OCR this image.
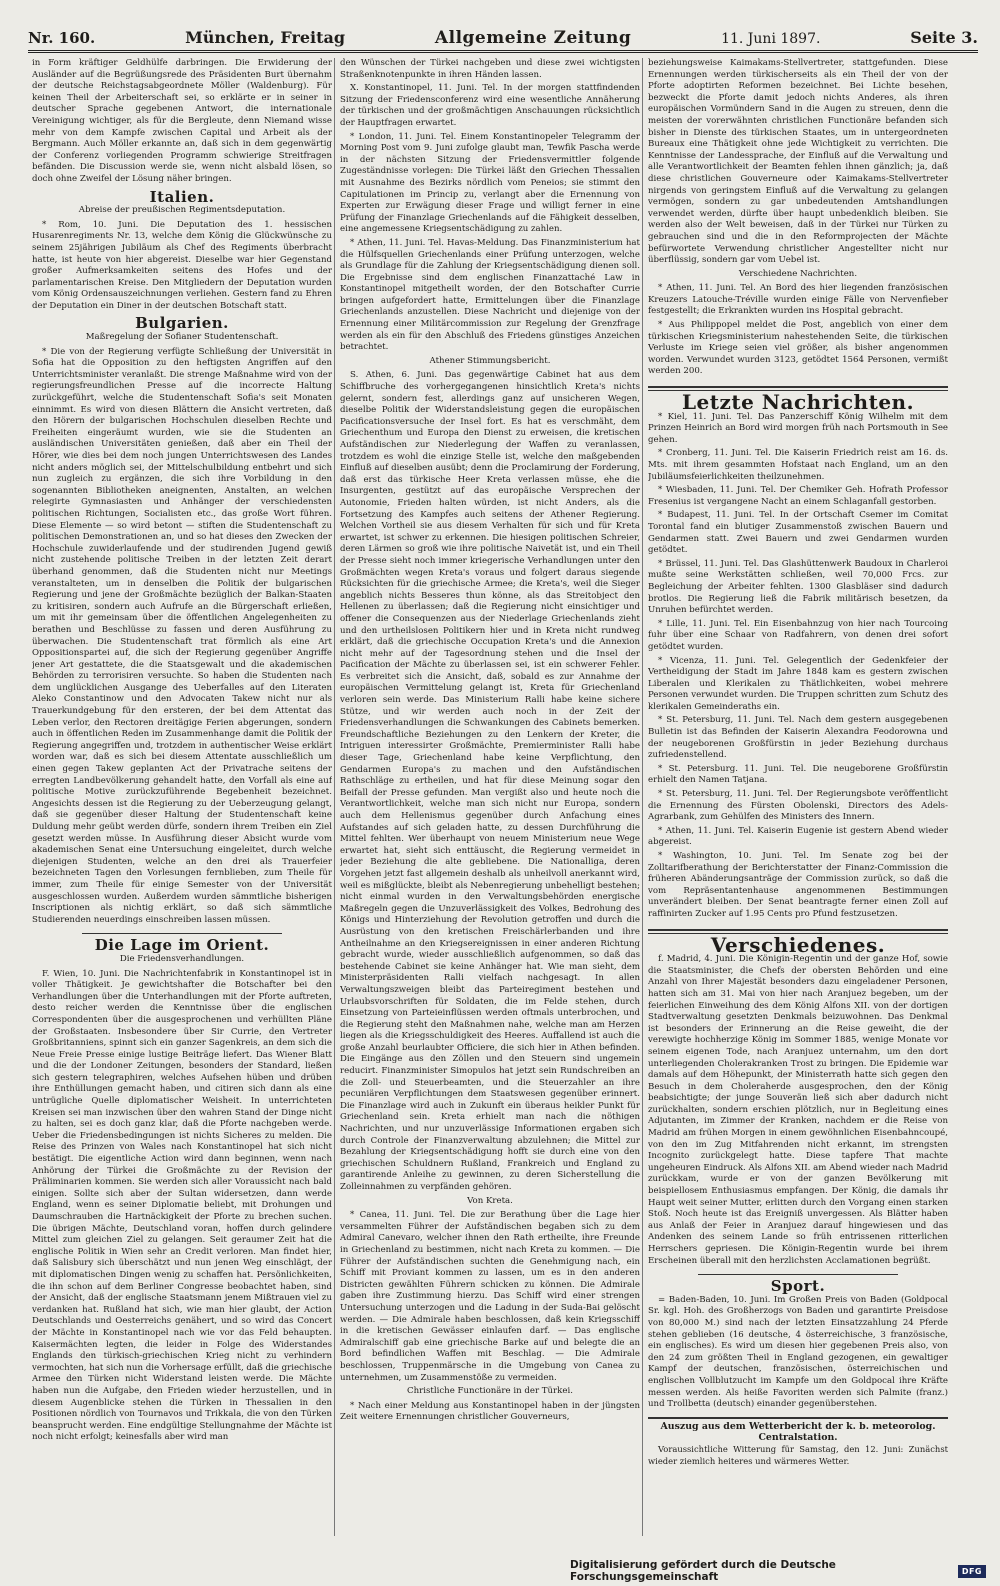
Nr. 160.	München, Freitag	Allgemeine Zeitung	11. Juni 1897.	Seite 3.

in Form kräftiger Geldhülfe darbringen. Die Erwiderung der Ausländer auf die Begrüßungsrede des Präsidenten Burt übernahm der deutsche Reichstagsabgeordnete Möller (Waldenburg). Für keinen Theil der Arbeiterschaft sei, so erklärte er in seiner in deutscher Sprache gegebenen Antwort, die internationale Vereinigung wichtiger, als für die Bergleute, denn Niemand wisse mehr von dem Kampfe zwischen Capital und Arbeit als der Bergmann. Auch Möller erkannte an, daß sich in dem gegenwärtig der Conferenz vorliegenden Programm schwierige Streitfragen befänden. Die Discussion werde sie, wenn nicht alsbald lösen, so doch ohne Zweifel der Lösung näher bringen.

Italien.
Abreise der preußischen Regimentsdeputation.

* Rom, 10. Juni. Die Deputation des 1. hessischen Husarenregiments Nr. 13, welche dem König die Glückwünsche zu seinem 25jährigen Jubiläum als Chef des Regiments überbracht hatte, ist heute von hier abgereist. Dieselbe war hier Gegenstand großer Aufmerksamkeiten seitens des Hofes und der parlamentarischen Kreise. Den Mitgliedern der Deputation wurden vom König Ordensauszeichnungen verliehen. Gestern fand zu Ehren der Deputation ein Diner in der deutschen Botschaft statt.

Bulgarien.
Maßregelung der Sofianer Studentenschaft.

* Die von der Regierung verfügte Schließung der Universität in Sofia hat die Opposition zu den heftigsten Angriffen auf den Unterrichtsminister veranlaßt. Die strenge Maßnahme wird von der regierungsfreundlichen Presse auf die incorrecte Haltung zurückgeführt, welche die Studentenschaft Sofia's seit Monaten einnimmt. Es wird von diesen Blättern die Ansicht vertreten, daß den Hörern der bulgarischen Hochschulen dieselben Rechte und Freiheiten eingeräumt wurden, wie sie die Studenten an ausländischen Universitäten genießen, daß aber ein Theil der Hörer, wie dies bei dem noch jungen Unterrichtswesen des Landes nicht anders möglich sei, der Mittelschulbildung entbehrt und sich nun zugleich zu ergänzen, die sich ihre Vorbildung in den sogenannten Bibliotheken aneignenten, Anstalten, an welchen relegirte Gymnasiasten und Anhänger der verschiedensten politischen Richtungen, Socialisten etc., das große Wort führen. Diese Elemente — so wird betont — stiften die Studentenschaft zu politischen Demonstrationen an, und so hat dieses den Zwecken der Hochschule zuwiderlaufende und der studirenden Jugend gewiß nicht zustehende politische Treiben in der letzten Zeit derart überhand genommen, daß die Studenten nicht nur Meetings veranstalteten, um in denselben die Politik der bulgarischen Regierung und jene der Großmächte bezüglich der Balkan-Staaten zu kritisiren, sondern auch Aufrufe an die Bürgerschaft erließen, um mit ihr gemeinsam über die öffentlichen Angelegenheiten zu berathen und Beschlüsse zu fassen und deren Ausführung zu überwachen. Die Studentenschaft trat förmlich als eine Art Oppositionspartei auf, die sich der Regierung gegenüber Angriffe jener Art gestattete, die die Staatsgewalt und die akademischen Behörden zu terrorisiren versuchte. So haben die Studenten nach dem unglücklichen Ausgange des Ueberfalles auf den Literaten Aleko Constantinow und den Advocaten Takew nicht nur als Trauerkundgebung für den ersteren, der bei dem Attentat das Leben verlor, den Rectoren dreitägige Ferien abgerungen, sondern auch in öffentlichen Reden im Zusammenhange damit die Politik der Regierung angegriffen und, trotzdem in authentischer Weise erklärt worden war, daß es sich bei diesem Attentate ausschließlich um einen gegen Takew geplanten Act der Privatrache seitens der erregten Landbevölkerung gehandelt hatte, den Vorfall als eine auf politische Motive zurückzuführende Begebenheit bezeichnet. Angesichts dessen ist die Regierung zu der Ueberzeugung gelangt, daß sie gegenüber dieser Haltung der Studentenschaft keine Duldung mehr geübt werden dürfe, sondern ihrem Treiben ein Ziel gesetzt werden müsse. In Ausführung dieser Absicht wurde vom akademischen Senat eine Untersuchung eingeleitet, durch welche diejenigen Studenten, welche an den drei als Trauerfeier bezeichneten Tagen den Vorlesungen fernblieben, zum Theile für immer, zum Theile für einige Semester von der Universität ausgeschlossen wurden. Außerdem wurden sämmtliche bisherigen Inscriptionen als nichtig erklärt, so daß sich sämmtliche Studierenden neuerdings einschreiben lassen müssen.

Die Lage im Orient.
Die Friedensverhandlungen.

F. Wien, 10. Juni. Die Nachrichtenfabrik in Konstantinopel ist in voller Thätigkeit. Je gewichtshafter die Botschafter bei den Verhandlungen über die Unterhandlungen mit der Pforte auftreten, desto reicher werden die Kenntnisse über die englischen Correspondenten über die ausgesprochenen und verhüllten Pläne der Großstaaten. Insbesondere über Sir Currie, den Vertreter Großbritanniens, spinnt sich ein ganzer Sagenkreis, an dem sich die Neue Freie Presse einige lustige Beiträge liefert. Das Wiener Blatt und die der Londoner Zeitungen, besonders der Standard, ließen sich gestern telegraphiren, welches Aufsehen hüben und drüben ihre Enthüllungen gemacht haben, und citiren sich dann als eine untrügliche Quelle diplomatischer Weisheit. In unterrichteten Kreisen sei man inzwischen über den wahren Stand der Dinge nicht zu halten, sei es doch ganz klar, daß die Pforte nachgeben werde. Ueber die Friedensbedingungen ist nichts Sicheres zu melden. Die Reise des Prinzen von Wales nach Konstantinopel hat sich nicht bestätigt. Die eigentliche Action wird dann beginnen, wenn nach Anhörung der Türkei die Großmächte zu der Revision der Präliminarien kommen. Sie werden sich aller Voraussicht nach bald einigen. Sollte sich aber der Sultan widersetzen, dann werde England, wenn es seiner Diplomatie beliebt, mit Drohungen und Daumschrauben die Hartnäckigkeit der Pforte zu brechen suchen. Die übrigen Mächte, Deutschland voran, hoffen durch gelindere Mittel zum gleichen Ziel zu gelangen. Seit geraumer Zeit hat die englische Politik in Wien sehr an Credit verloren. Man findet hier, daß Salisbury sich überschätzt und nun jenen Weg einschlägt, der mit diplomatischen Dingen wenig zu schaffen hat. Persönlichkeiten, die ihn schon auf dem Berliner Congresse beobachtet haben, sind der Ansicht, daß der englische Staatsmann jenem Mißtrauen viel zu verdanken hat. Rußland hat sich, wie man hier glaubt, der Action Deutschlands und Oesterreichs genähert, und so wird das Concert der Mächte in Konstantinopel nach wie vor das Feld behaupten. Kaisermächten legten, die leider in Folge des Widerstandes Englands den türkisch-griechischen Krieg nicht zu verhindern vermochten, hat sich nun die Vorhersage erfüllt, daß die griechische Armee den Türken nicht Widerstand leisten werde. Die Mächte haben nun die Aufgabe, den Frieden wieder herzustellen, und in diesem Augenblicke stehen die Türken in Thessalien in den Positionen nördlich von Tournavos und Trikkala, die von den Türken beansprucht werden. Eine endgültige Stellungnahme der Mächte ist noch nicht erfolgt; keinesfalls aber wird man

den Wünschen der Türkei nachgeben und diese zwei wichtigsten Straßenknotenpunkte in ihren Händen lassen.

X. Konstantinopel, 11. Juni. Tel. In der morgen stattfindenden Sitzung der Friedensconferenz wird eine wesentliche Annäherung der türkischen und der großmächtigen Anschauungen rücksichtlich der Hauptfragen erwartet.

* London, 11. Juni. Tel. Einem Konstantinopeler Telegramm der Morning Post vom 9. Juni zufolge glaubt man, Tewfik Pascha werde in der nächsten Sitzung der Friedensvermittler folgende Zugeständnisse vorlegen: Die Türkei läßt den Griechen Thessalien mit Ausnahme des Bezirks nördlich vom Peneios; sie stimmt den Capitulationen im Princip zu, verlangt aber die Ernennung von Experten zur Erwägung dieser Frage und willigt ferner in eine Prüfung der Finanzlage Griechenlands auf die Fähigkeit desselben, eine angemessene Kriegsentschädigung zu zahlen.

* Athen, 11. Juni. Tel. Havas-Meldung. Das Finanzministerium hat die Hülfsquellen Griechenlands einer Prüfung unterzogen, welche als Grundlage für die Zahlung der Kriegsentschädigung dienen soll. Die Ergebnisse sind dem englischen Finanzattaché Law in Konstantinopel mitgetheilt worden, der den Botschafter Currie bringen aufgefordert hatte, Ermittelungen über die Finanzlage Griechenlands anzustellen. Diese Nachricht und diejenige von der Ernennung einer Militärcommission zur Regelung der Grenzfrage werden als ein für den Abschluß des Friedens günstiges Anzeichen betrachtet.

Athener Stimmungsbericht.

S. Athen, 6. Juni. Das gegenwärtige Cabinet hat aus dem Schiffbruche des vorhergegangenen hinsichtlich Kreta's nichts gelernt, sondern fest, allerdings ganz auf unsicheren Wegen, dieselbe Politik der Widerstandsleistung gegen die europäischen Pacificationsversuche der Insel fort. Es hat es verschmäht, dem Griechenthum und Europa den Dienst zu erweisen, die kretischen Aufständischen zur Niederlegung der Waffen zu veranlassen, trotzdem es wohl die einzige Stelle ist, welche den maßgebenden Einfluß auf dieselben ausübt; denn die Proclamirung der Forderung, daß erst das türkische Heer Kreta verlassen müsse, ehe die Insurgenten, gestützt auf das europäische Versprechen der Autonomie, Frieden halten würden, ist nicht Anders, als die Fortsetzung des Kampfes auch seitens der Athener Regierung. Welchen Vortheil sie aus diesem Verhalten für sich und für Kreta erwartet, ist schwer zu erkennen. Die hiesigen politischen Schreier, deren Lärmen so groß wie ihre politische Naivetät ist, und ein Theil der Presse sieht noch immer kriegerische Verhandlungen unter den Großmächten wegen Kreta's voraus und folgert daraus siegende Rücksichten für die griechische Armee; die Kreta's, weil die Sieger angeblich nichts Besseres thun könne, als das Streitobject den Hellenen zu überlassen; daß die Regierung nicht einsichtiger und offener die Consequenzen aus der Niederlage Griechenlands zieht und den urtheilslosen Politikern hier und in Kreta nicht rundweg erklärt, daß die griechische Occupation Kreta's und die Annexion nicht mehr auf der Tagesordnung stehen und die Insel der Pacification der Mächte zu überlassen sei, ist ein schwerer Fehler. Es verbreitet sich die Ansicht, daß, sobald es zur Annahme der europäischen Vermittelung gelangt ist, Kreta für Griechenland verloren sein werde. Das Ministerium Ralli habe keine sichere Stütze, und wir werden auch noch in der Zeit der Friedensverhandlungen die Schwankungen des Cabinets bemerken. Freundschaftliche Beziehungen zu den Lenkern der Kreter, die Intriguen interessirter Großmächte, Premierminister Ralli habe dieser Tage, Griechenland habe keine Verpflichtung, den Gendarmen Europa's zu machen und den Aufständischen Rathschläge zu ertheilen, und hat für diese Meinung sogar den Beifall der Presse gefunden. Man vergißt also und heute noch die Verantwortlichkeit, welche man sich nicht nur Europa, sondern auch dem Hellenismus gegenüber durch Anfachung eines Aufstandes auf sich geladen hatte, zu dessen Durchführung die Mittel fehlten. Wer überhaupt von neuem Ministerium neue Wege erwartet hat, sieht sich enttäuscht, die Regierung vermeidet in jeder Beziehung die alte gebliebene. Die Nationalliga, deren Vorgehen jetzt fast allgemein deshalb als unheilvoll anerkannt wird, weil es mißglückte, bleibt als Nebenregierung unbehelligt bestehen; nicht einmal wurden in den Verwaltungsbehörden energische Maßregeln gegen die Unzuverlässigkeit des Volkes, Bedrohung des Königs und Hinterziehung der Revolution getroffen und durch die Ausrüstung von den kretischen Freischärlerbanden und ihre Antheilnahme an den Kriegsereignissen in einer anderen Richtung gebracht wurde, wieder ausschließlich aufgenommen, so daß das bestehende Cabinet sie keine Anhänger hat. Wie man sieht, dem Ministerpräsidenten Ralli vielfach nachgesagt. In allen Verwaltungszweigen bleibt das Parteiregiment bestehen und Urlaubsvorschriften für Soldaten, die im Felde stehen, durch Einsetzung von Parteieinflüssen werden oftmals unterbrochen, und die Regierung steht den Maßnahmen nahe, welche man am Herzen liegen als die Kriegsschuldigkeit des Heeres. Auffallend ist auch die große Anzahl beurlaubter Officiere, die sich hier in Athen befinden. Die Eingänge aus den Zöllen und den Steuern sind ungemein reducirt. Finanzminister Simopulos hat jetzt sein Rundschreiben an die Zoll- und Steuerbeamten, und die Steuerzahler an ihre pecuniären Verpflichtungen dem Staatswesen gegenüber erinnert. Die Finanzlage wird auch in Zukunft ein überaus heikler Punkt für Griechenland sein. Kreta erhielt man nach die nöthigen Nachrichten, und nur unzuverlässige Informationen ergaben sich durch Controle der Finanzverwaltung abzulehnen; die Mittel zur Bezahlung der Kriegsentschädigung hofft sie durch eine von den griechischen Schuldnern Rußland, Frankreich und England zu garantirende Anleihe zu gewinnen, zu deren Sicherstellung die Zolleinnahmen zu verpfänden gehören.

Von Kreta.

* Canea, 11. Juni. Tel. Die zur Berathung über die Lage hier versammelten Führer der Aufständischen begaben sich zu dem Admiral Canevaro, welcher ihnen den Rath ertheilte, ihre Freunde in Griechenland zu bestimmen, nicht nach Kreta zu kommen. — Die Führer der Aufständischen suchten die Genehmigung nach, ein Schiff mit Proviant kommen zu lassen, um es in den anderen Districten gewählten Führern schicken zu können. Die Admirale gaben ihre Zustimmung hierzu. Das Schiff wird einer strengen Untersuchung unterzogen und die Ladung in der Suda-Bai gelöscht werden. — Die Admirale haben beschlossen, daß kein Kriegsschiff in die kretischen Gewässer einlaufen darf. — Das englische Admiralschiff gab eine griechische Barke auf und belegte die an Bord befindlichen Waffen mit Beschlag. — Die Admirale beschlossen, Truppenmärsche in die Umgebung von Canea zu unternehmen, um Zusammenstöße zu vermeiden.

Christliche Functionäre in der Türkei.

* Nach einer Meldung aus Konstantinopel haben in der jüngsten Zeit weitere Ernennungen christlicher Gouverneurs,

beziehungsweise Kaimakams-Stellvertreter, stattgefunden. Diese Ernennungen werden türkischerseits als ein Theil der von der Pforte adoptirten Reformen bezeichnet. Bei Lichte besehen, bezweckt die Pforte damit jedoch nichts Anderes, als ihren europäischen Vormündern Sand in die Augen zu streuen, denn die meisten der vorerwähnten christlichen Functionäre befanden sich bisher in Dienste des türkischen Staates, um in untergeordneten Bureaux eine Thätigkeit ohne jede Wichtigkeit zu verrichten. Die Kenntnisse der Landessprache, der Einfluß auf die Verwaltung und alle Verantwortlichkeit der Beamten fehlen ihnen gänzlich; ja, daß diese christlichen Gouverneure oder Kaimakams-Stellvertreter nirgends von geringstem Einfluß auf die Verwaltung zu gelangen vermögen, sondern zu gar unbedeutenden Amtshandlungen verwendet werden, dürfte über haupt unbedenklich bleiben. Sie werden also der Welt beweisen, daß in der Türkei nur Türken zu gebrauchen sind und die in den Reformprojecten der Mächte befürwortete Verwendung christlicher Angestellter nicht nur überflüssig, sondern gar vom Uebel ist.

Verschiedene Nachrichten.

* Athen, 11. Juni. Tel. An Bord des hier liegenden französischen Kreuzers Latouche-Tréville wurden einige Fälle von Nervenfieber festgestellt; die Erkrankten wurden ins Hospital gebracht.

* Aus Philippopel meldet die Post, angeblich von einer dem türkischen Kriegsministerium nahestehenden Seite, die türkischen Verluste im Kriege seien viel größer, als bisher angenommen worden. Verwundet wurden 3123, getödtet 1564 Personen, vermißt werden 200.

Letzte Nachrichten.

* Kiel, 11. Juni. Tel. Das Panzerschiff König Wilhelm mit dem Prinzen Heinrich an Bord wird morgen früh nach Portsmouth in See gehen.

* Cronberg, 11. Juni. Tel. Die Kaiserin Friedrich reist am 16. ds. Mts. mit ihrem gesammten Hofstaat nach England, um an den Jubiläumsfeierlichkeiten theilzunehmen.

* Wiesbaden, 11. Juni. Tel. Der Chemiker Geh. Hofrath Professor Fresenius ist vergangene Nacht an einem Schlaganfall gestorben.

* Budapest, 11. Juni. Tel. In der Ortschaft Csemer im Comitat Torontal fand ein blutiger Zusammenstoß zwischen Bauern und Gendarmen statt. Zwei Bauern und zwei Gendarmen wurden getödtet.

* Brüssel, 11. Juni. Tel. Das Glashüttenwerk Baudoux in Charleroi mußte seine Werkstätten schließen, weil 70,000 Frcs. zur Begleichung der Arbeiter fehlten. 1300 Glasbläser sind dadurch brotlos. Die Regierung ließ die Fabrik militärisch besetzen, da Unruhen befürchtet werden.

* Lille, 11. Juni. Tel. Ein Eisenbahnzug von hier nach Tourcoing fuhr über eine Schaar von Radfahrern, von denen drei sofort getödtet wurden.

* Vicenza, 11. Juni. Tel. Gelegentlich der Gedenkfeier der Vertheidigung der Stadt im Jahre 1848 kam es gestern zwischen Liberalen und Klerikalen zu Thätlichkeiten, wobei mehrere Personen verwundet wurden. Die Truppen schritten zum Schutz des klerikalen Gemeinderaths ein.

* St. Petersburg, 11. Juni. Tel. Nach dem gestern ausgegebenen Bulletin ist das Befinden der Kaiserin Alexandra Feodorowna und der neugeborenen Großfürstin in jeder Beziehung durchaus zufriedenstellend.

* St. Petersburg. 11. Juni. Tel. Die neugeborene Großfürstin erhielt den Namen Tatjana.

* St. Petersburg, 11. Juni. Tel. Der Regierungsbote veröffentlicht die Ernennung des Fürsten Obolenski, Directors des Adels-Agrarbank, zum Gehülfen des Ministers des Innern.

* Athen, 11. Juni. Tel. Kaiserin Eugenie ist gestern Abend wieder abgereist.

* Washington, 10. Juni. Tel. Im Senate zog bei der Zolltarifberathung der Berichterstatter der Finanz-Commission die früheren Abänderungsanträge der Commission zurück, so daß die vom Repräsentantenhause angenommenen Bestimmungen unverändert bleiben. Der Senat beantragte ferner einen Zoll auf raffinirten Zucker auf 1.95 Cents pro Pfund festzusetzen.

Verschiedenes.

f. Madrid, 4. Juni. Die Königin-Regentin und der ganze Hof, sowie die Staatsminister, die Chefs der obersten Behörden und eine Anzahl von Ihrer Majestät besonders dazu eingeladener Personen, hatten sich am 31. Mai von hier nach Aranjuez begeben, um der feierlichen Einweihung des dem König Alfons XII. von der dortigen Stadtverwaltung gesetzten Denkmals beizuwohnen. Das Denkmal ist besonders der Erinnerung an die Reise geweiht, die der verewigte hochherzige König im Sommer 1885, wenige Monate vor seinem eigenen Tode, nach Aranjuez unternahm, um den dort unterliegenden Cholerakranken Trost zu bringen. Die Epidemie war damals auf dem Höhepunkt, der Ministerrath hatte sich gegen den Besuch in dem Choleraherde ausgesprochen, den der König beabsichtigte; der junge Souverän ließ sich aber dadurch nicht zurückhalten, sondern erschien plötzlich, nur in Begleitung eines Adjutanten, im Zimmer der Kranken, nachdem er die Reise von Madrid am frühen Morgen in einem gewöhnlichen Eisenbahncoupé, von den im Zug Mitfahrenden nicht erkannt, im strengsten Incognito zurückgelegt hatte. Diese tapfere That machte ungeheuren Eindruck. Als Alfons XII. am Abend wieder nach Madrid zurückkam, wurde er von der ganzen Bevölkerung mit beispiellosem Enthusiasmus empfangen. Der König, die damals ihr Haupt weit seiner Mutter, erlitten durch den Vorgang einen starken Stoß. Noch heute ist das Ereigniß unvergessen. Als Blätter haben aus Anlaß der Feier in Aranjuez darauf hingewiesen und das Andenken des seinem Lande so früh entrissenen ritterlichen Herrschers gepriesen. Die Königin-Regentin wurde bei ihrem Erscheinen überall mit den herzlichsten Acclamationen begrüßt.

Sport.

= Baden-Baden, 10. Juni. Im Großen Preis von Baden (Goldpocal Sr. kgl. Hoh. des Großherzogs von Baden und garantirte Preisdose von 80,000 M.) sind nach der letzten Einsatzzahlung 24 Pferde stehen geblieben (16 deutsche, 4 österreichische, 3 französische, ein englisches). Es wird um diesen hier gegebenen Preis also, von den 24 zum größten Theil in England gezogenen, ein gewaltiger Kampf der deutschen, französischen, österreichischen und englischen Vollblutzucht im Kampfe um den Goldpocal ihre Kräfte messen werden. Als heiße Favoriten werden sich Palmite (franz.) und Trollbetta (deutsch) einander gegenüberstehen.

Auszug aus dem Wetterbericht der k. b. meteorolog. Centralstation.
Voraussichtliche Witterung für Samstag, den 12. Juni: Zunächst wieder ziemlich heiteres und wärmeres Wetter.
Digitalisierung gefördert durch die Deutsche Forschungsgemeinschaft	DFG
